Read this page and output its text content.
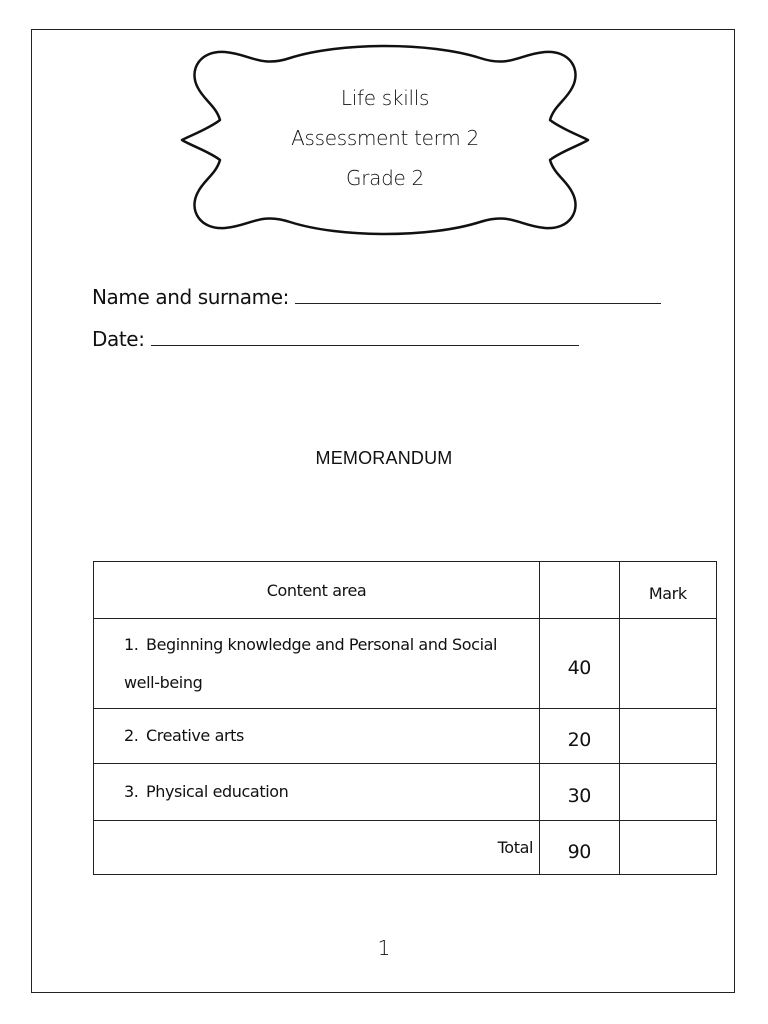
Life skills
Assessment term 2
Grade 2
Name and surname:
Date:
MEMORANDUM
Content area		Mark
1. Beginning knowledge and Personal and Social well-being	40	
2. Creative arts	20	
3. Physical education	30	
Total	90	
1
